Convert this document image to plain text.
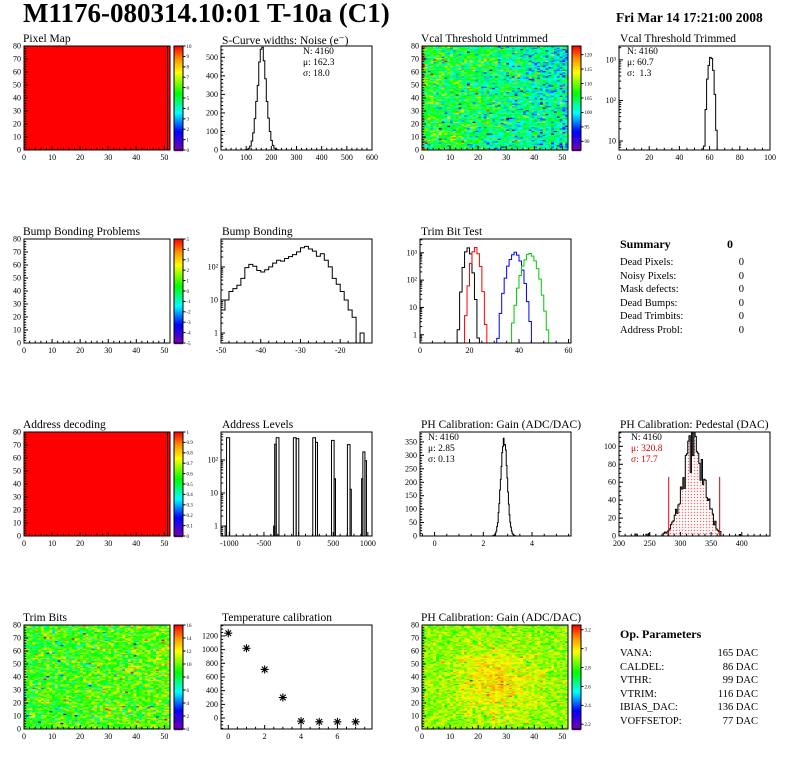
M1176-080314.10:01 T-10a (C1)	Fri Mar 14 17:21:00 2008
Pixel Map	S-Curve widths: Noise (e⁻)	Vcal Threshold Untrimmed	Vcal Threshold Trimmed
Bump Bonding Problems	Bump Bonding	Trim Bit Test
Summary	0
Dead Pixels:	0
Noisy Pixels:	0
Mask defects:	0
Dead Bumps:	0
Dead Trimbits:	0
Address Probl:	0
Address decoding	Address Levels	PH Calibration: Gain (ADC/DAC)	PH Calibration: Pedestal (DAC)
Trim Bits	Temperature calibration	PH Calibration: Gain (ADC/DAC)
Op. Parameters
VANA:	165 DAC
CALDEL:	86 DAC
VTHR:	99 DAC
VTRIM:	116 DAC
IBIAS_DAC:	136 DAC
VOFFSETOP:	77 DAC
